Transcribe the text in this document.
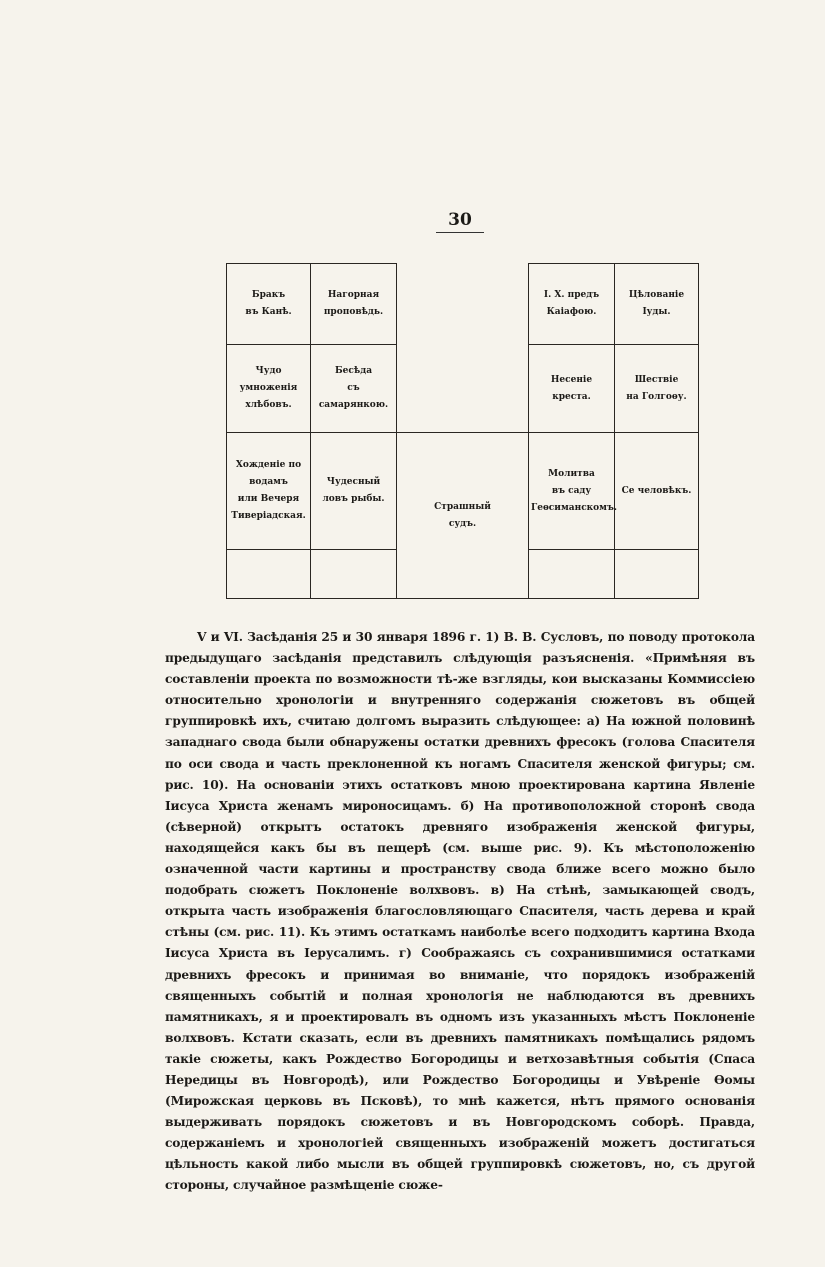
30
Бракъ
въ Канѣ.	Нагорная
проповѣдь.		І. Х. предъ
Каіафою.	Цѣлованіе
Іуды.
Чудо
умноженія
хлѣбовъ.	Бесѣда
съ самарянкою.		Несеніе
креста.	Шествіе
на Голгоѳу.
Хожденіе по
водамъ
или Вечеря
Тиверіадская.	Чудесный
ловъ рыбы.	Страшный
судъ.	Молитва
въ саду
Геѳсиманскомъ.	Се человѣкъ.

V и VI. Засѣданія 25 и 30 января 1896 г. 1) В. В. Сусловъ, по поводу протокола предыдущаго засѣданія представилъ слѣдующія разъясненія. «Примѣняя въ составленіи проекта по возможности тѣ-же взгляды, кои высказаны Коммиссіею относительно хронологіи и внутренняго содержанія сюжетовъ въ общей группировкѣ ихъ, считаю долгомъ выразить слѣдующее: а) На южной половинѣ западнаго свода были обнаружены остатки древнихъ фресокъ (голова Спасителя по оси свода и часть преклоненной къ ногамъ Спасителя женской фигуры; см. рис. 10). На основаніи этихъ остатковъ мною проектирована картина Явленіе Іисуса Христа женамъ мироносицамъ. б) На противоположной сторонѣ свода (сѣверной) открытъ остатокъ древняго изображенія женской фигуры, находящейся какъ бы въ пещерѣ (см. выше рис. 9). Къ мѣстоположенію означенной части картины и пространству свода ближе всего можно было подобрать сюжетъ Поклоненіе волхвовъ. в) На стѣнѣ, замыкающей сводъ, открыта часть изображенія благословляющаго Спасителя, часть дерева и край стѣны (см. рис. 11). Къ этимъ остаткамъ наиболѣе всего подходитъ картина Входа Іисуса Христа въ Іерусалимъ. г) Соображаясь съ сохранившимися остатками древнихъ фресокъ и принимая во вниманіе, что порядокъ изображеній священныхъ событій и полная хронологія не наблюдаются въ древнихъ памятникахъ, я и проектировалъ въ одномъ изъ указанныхъ мѣстъ Поклоненіе волхвовъ. Кстати сказать, если въ древнихъ памятникахъ помѣщались рядомъ такіе сюжеты, какъ Рождество Богородицы и ветхозавѣтныя событія (Спаса Нередицы въ Новгородѣ), или Рождество Богородицы и Увѣреніе Ѳомы (Мирожская церковь въ Псковѣ), то мнѣ кажется, нѣтъ прямого основанія выдерживать порядокъ сюжетовъ и въ Новгородскомъ соборѣ. Правда, содержаніемъ и хронологіей священныхъ изображеній можетъ достигаться цѣльность какой либо мысли въ общей группировкѣ сюжетовъ, но, съ другой стороны, случайное размѣщеніе сюже-
